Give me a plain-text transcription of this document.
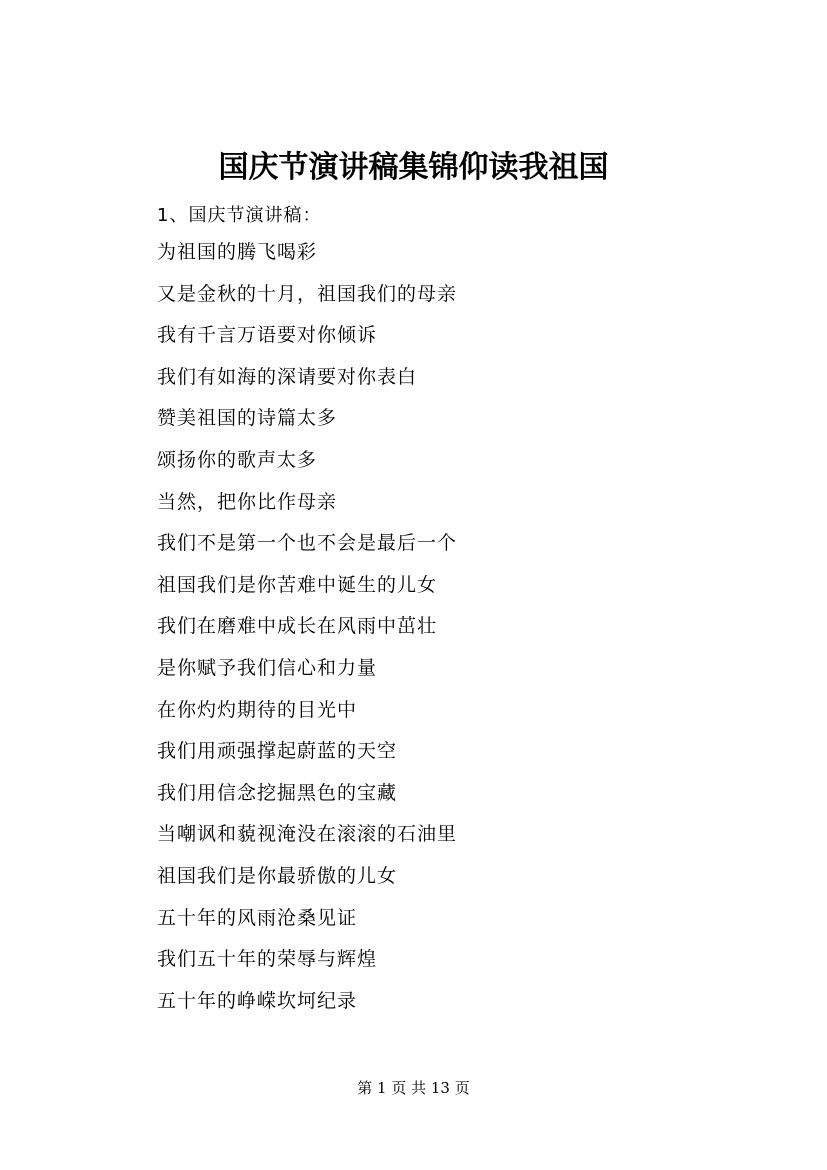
国庆节演讲稿集锦仰读我祖国
1、国庆节演讲稿：
为祖国的腾飞喝彩
又是金秋的十月，祖国我们的母亲
我有千言万语要对你倾诉
我们有如海的深请要对你表白
赞美祖国的诗篇太多
颂扬你的歌声太多
当然，把你比作母亲
我们不是第一个也不会是最后一个
祖国我们是你苦难中诞生的儿女
我们在磨难中成长在风雨中茁壮
是你赋予我们信心和力量
在你灼灼期待的目光中
我们用顽强撑起蔚蓝的天空
我们用信念挖掘黑色的宝藏
当嘲讽和藐视淹没在滚滚的石油里
祖国我们是你最骄傲的儿女
五十年的风雨沧桑见证
我们五十年的荣辱与辉煌
五十年的峥嵘坎坷纪录
第 1 页 共 13 页
